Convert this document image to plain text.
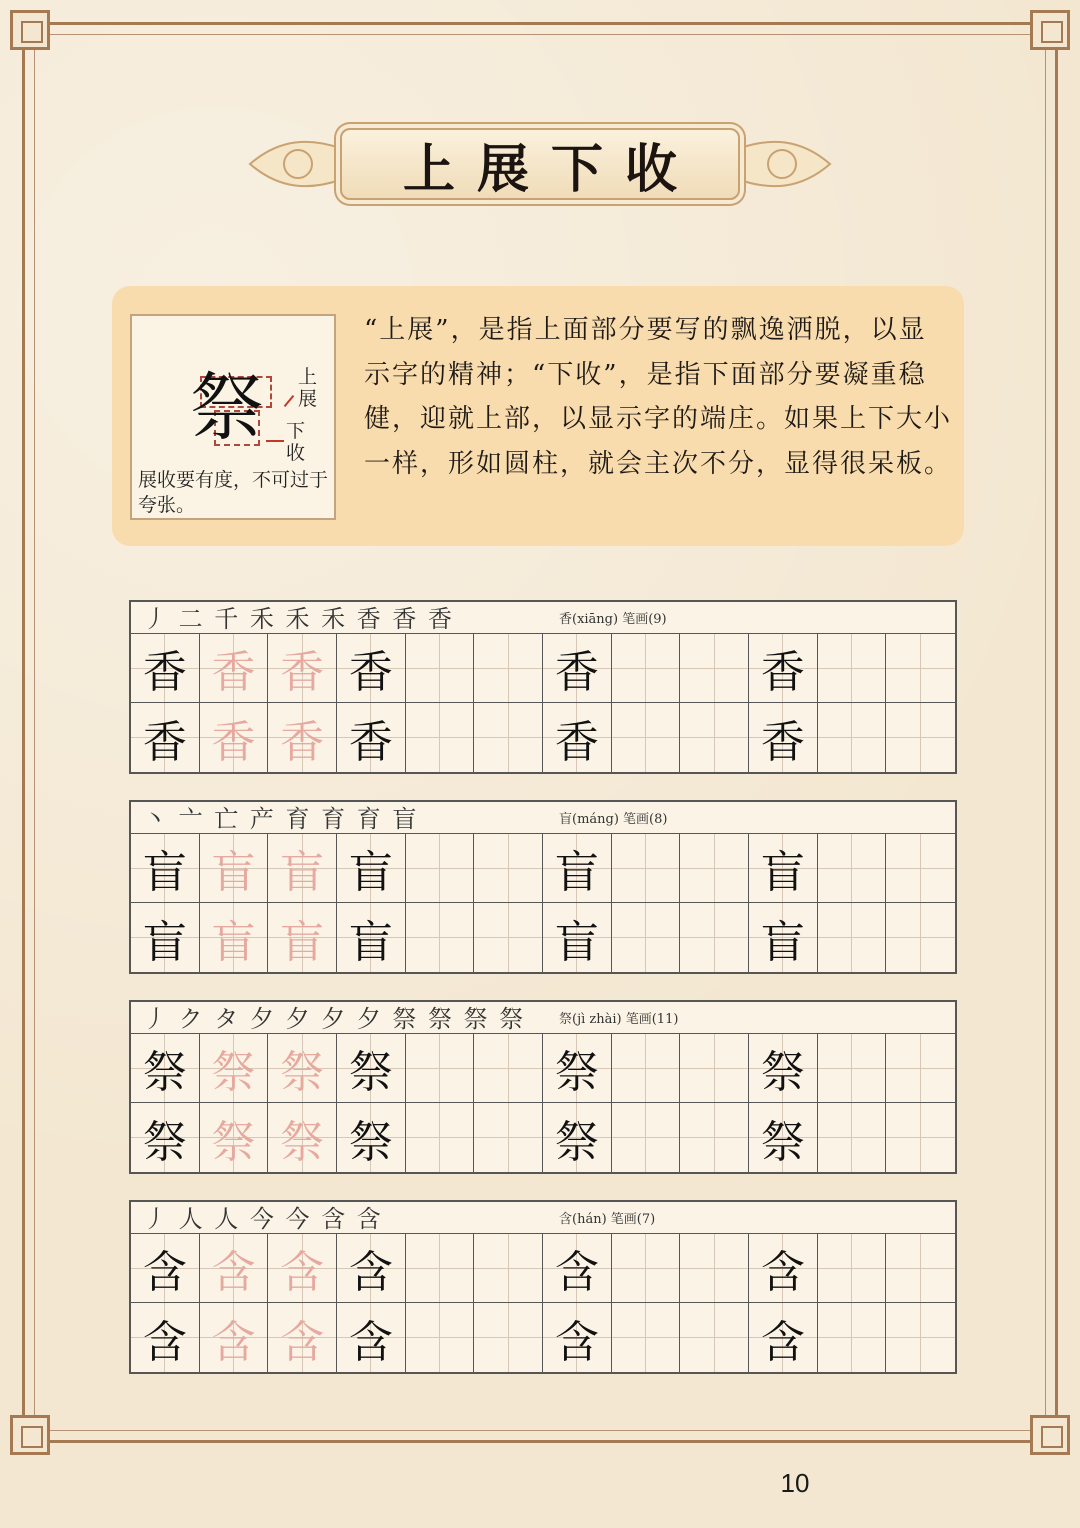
上展下收
祭 上展
下收
展收要有度，不可过于夸张。
“上展”，是指上面部分要写的飘逸洒脱，以显示字的精神；“下收”，是指下面部分要凝重稳健，迎就上部，以显示字的端庄。如果上下大小一样，形如圆柱，就会主次不分，显得很呆板。
丿 二 千 禾 禾 禾 香 香 香	香(xiāng) 笔画(9)
香 香 香 香	香	香
香 香 香 香	香	香
丶 亠 亡 产 育 育 育 盲	盲(máng) 笔画(8)
盲 盲 盲 盲	盲	盲
盲 盲 盲 盲	盲	盲
丿 ク タ 夕 夕 夕 夕 祭 祭 祭 祭	祭(jì zhài) 笔画(11)
祭 祭 祭 祭	祭	祭
祭 祭 祭 祭	祭	祭
丿 人 人 今 今 含 含	含(hán) 笔画(7)
含 含 含 含	含	含
含 含 含 含	含	含
10
